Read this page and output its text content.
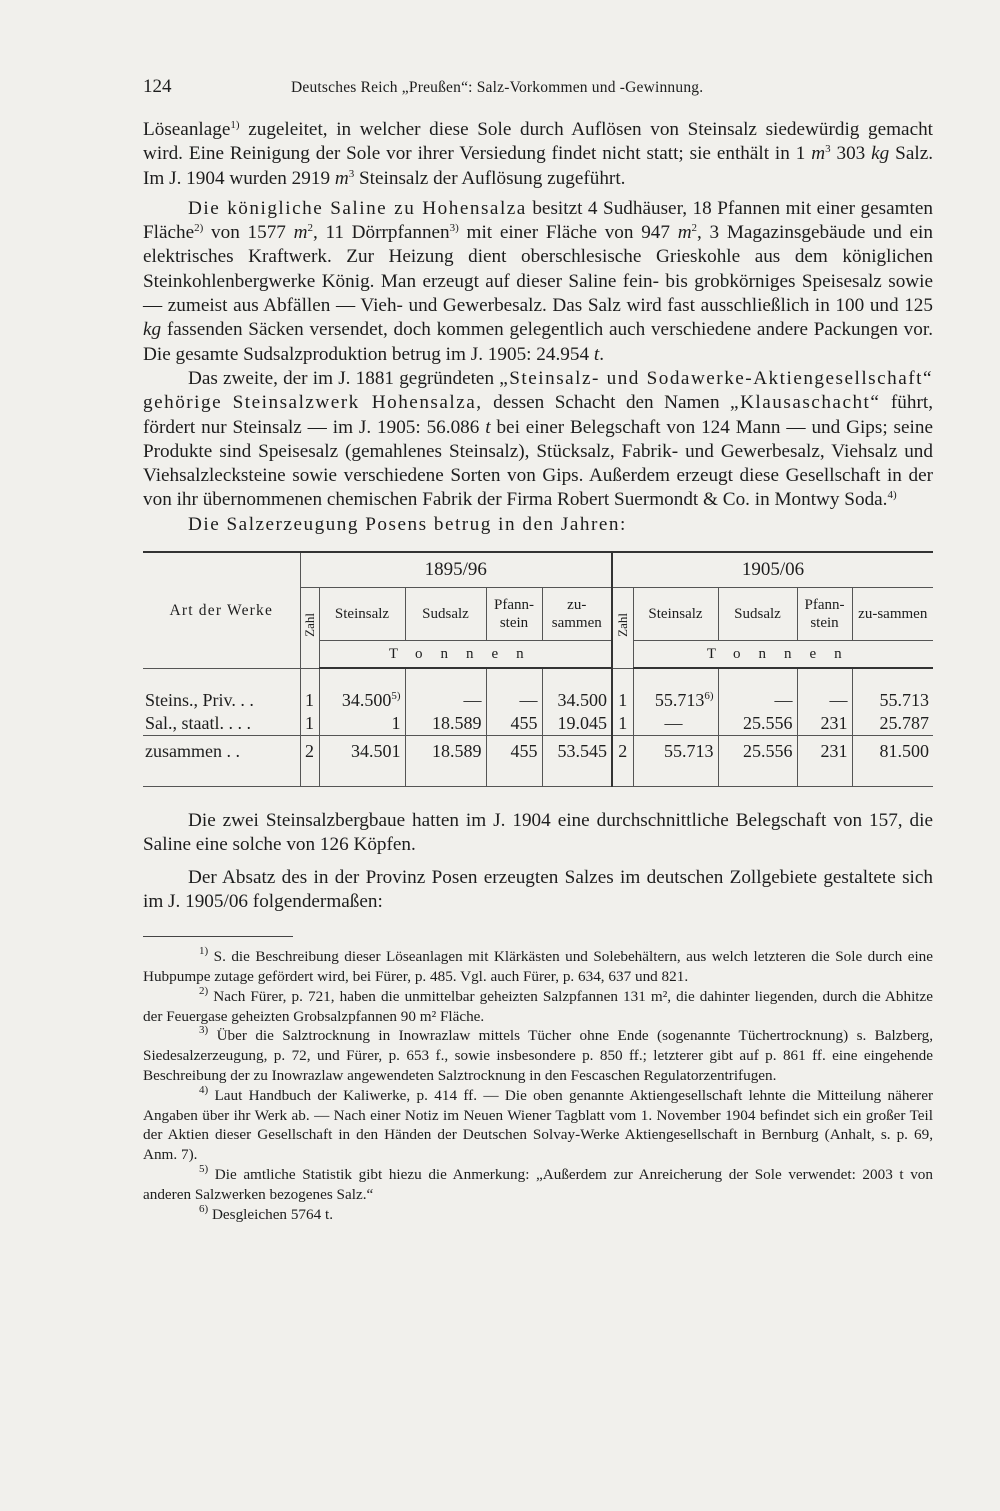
124	Deutsches Reich „Preußen“: Salz-Vorkommen und -Gewinnung.

Löseanlage$^{1)}$ zugeleitet, in welcher diese Sole durch Auflösen von Steinsalz siedewürdig gemacht wird. Eine Reinigung der Sole vor ihrer Versiedung findet nicht statt; sie enthält in 1 $m^3$ 303 kg Salz. Im J. 1904 wurden 2919 $m^3$ Steinsalz der Auflösung zugeführt.

Die königliche Saline zu Hohensalza besitzt 4 Sudhäuser, 18 Pfannen mit einer gesamten Fläche$^{2)}$ von 1577 $m^2$, 11 Dörrpfannen$^{3)}$ mit einer Fläche von 947 $m^2$, 3 Magazinsgebäude und ein elektrisches Kraftwerk. Zur Heizung dient oberschlesische Grieskohle aus dem königlichen Steinkohlenbergwerke König. Man erzeugt auf dieser Saline fein- bis grobkörniges Speisesalz sowie — zumeist aus Abfällen — Vieh- und Gewerbesalz. Das Salz wird fast ausschließlich in 100 und 125 kg fassenden Säcken versendet, doch kommen gelegentlich auch verschiedene andere Packungen vor. Die gesamte Sudsalzproduktion betrug im J. 1905: 24.954 t.

Das zweite, der im J. 1881 gegründeten „Steinsalz- und Sodawerke-Aktiengesellschaft“ gehörige Steinsalzwerk Hohensalza, dessen Schacht den Namen „Klausaschacht“ führt, fördert nur Steinsalz — im J. 1905: 56.086 t bei einer Belegschaft von 124 Mann — und Gips; seine Produkte sind Speisesalz (gemahlenes Steinsalz), Stücksalz, Fabrik- und Gewerbesalz, Viehsalz und Viehsalzlecksteine sowie verschiedene Sorten von Gips. Außerdem erzeugt diese Gesellschaft in der von ihr übernommenen chemischen Fabrik der Firma Robert Suermondt & Co. in Montwy Soda.$^{4)}$

Die Salzerzeugung Posens betrug in den Jahren:

Art der Werke	1895/96					1905/06				
	Zahl	Steinsalz	Sudsalz	Pfann-stein	zu-sammen	Zahl	Steinsalz	Sudsalz	Pfann-stein	zu-sammen
		Tonnen					Tonnen			
Steins., Priv. . .	1	34.500$^{5)}$	—	—	34.500	1	55.713$^{6)}$	—	—	55.713
Sal., staatl. . . .	1	1	18.589	455	19.045	1	—	25.556	231	25.787
zusammen . .	2	34.501	18.589	455	53.545	2	55.713	25.556	231	81.500

Die zwei Steinsalzbergbaue hatten im J. 1904 eine durchschnittliche Belegschaft von 157, die Saline eine solche von 126 Köpfen.

Der Absatz des in der Provinz Posen erzeugten Salzes im deutschen Zollgebiete gestaltete sich im J. 1905/06 folgendermaßen:

$^{1)}$ S. die Beschreibung dieser Löseanlagen mit Klärkästen und Solebehältern, aus welch letzteren die Sole durch eine Hubpumpe zutage gefördert wird, bei Fürer, p. 485. Vgl. auch Fürer, p. 634, 637 und 821.

$^{2)}$ Nach Fürer, p. 721, haben die unmittelbar geheizten Salzpfannen 131 m², die dahinter liegenden, durch die Abhitze der Feuergase geheizten Grobsalzpfannen 90 m² Fläche.

$^{3)}$ Über die Salztrocknung in Inowrazlaw mittels Tücher ohne Ende (sogenannte Tüchertrocknung) s. Balzberg, Siedesalzerzeugung, p. 72, und Fürer, p. 653 f., sowie insbesondere p. 850 ff.; letzterer gibt auf p. 861 ff. eine eingehende Beschreibung der zu Inowrazlaw angewendeten Salztrocknung in den Fescaschen Regulatorzentrifugen.

$^{4)}$ Laut Handbuch der Kaliwerke, p. 414 ff. — Die oben genannte Aktiengesellschaft lehnte die Mitteilung näherer Angaben über ihr Werk ab. — Nach einer Notiz im Neuen Wiener Tagblatt vom 1. November 1904 befindet sich ein großer Teil der Aktien dieser Gesellschaft in den Händen der Deutschen Solvay-Werke Aktiengesellschaft in Bernburg (Anhalt, s. p. 69, Anm. 7).

$^{5)}$ Die amtliche Statistik gibt hiezu die Anmerkung: „Außerdem zur Anreicherung der Sole verwendet: 2003 t von anderen Salzwerken bezogenes Salz.“

$^{6)}$ Desgleichen 5764 t.
